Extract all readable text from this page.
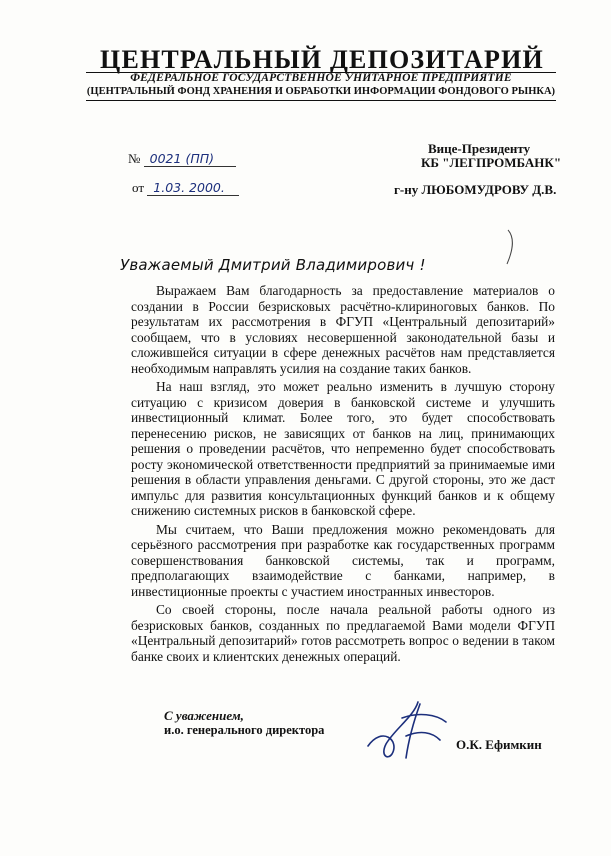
ЦЕНТРАЛЬНЫЙ ДЕПОЗИТАРИЙ
ФЕДЕРАЛЬНОЕ ГОСУДАРСТВЕННОЕ УНИТАРНОЕ ПРЕДПРИЯТИЕ
(ЦЕНТРАЛЬНЫЙ ФОНД ХРАНЕНИЯ И ОБРАБОТКИ ИНФОРМАЦИИ ФОНДОВОГО РЫНКА)
№ 0021 (ПП)
от 1.03. 2000.
Вице-Президенту
КБ "ЛЕГПРОМБАНК"
г-ну ЛЮБОМУДРОВУ Д.В.
Уважаемый Дмитрий Владимирович !

Выражаем Вам благодарность за предоставление материалов о создании в России безрисковых расчётно-клириноговых банков. По результатам их рассмотрения в ФГУП «Центральный депозитарий» сообщаем, что в условиях несовершенной законодательной базы и сложившейся ситуации в сфере денежных расчётов нам представляется необходимым направлять усилия на создание таких банков.

На наш взгляд, это может реально изменить в лучшую сторону ситуацию с кризисом доверия в банковской системе и улучшить инвестиционный климат. Более того, это будет способствовать перенесению рисков, не зависящих от банков на лиц, принимающих решения о проведении расчётов, что непременно будет способствовать росту экономической ответственности предприятий за принимаемые ими решения в области управления деньгами. С другой стороны, это же даст импульс для развития консультационных функций банков и к общему снижению системных рисков в банковской сфере.

Мы считаем, что Ваши предложения можно рекомендовать для серьёзного рассмотрения при разработке как государственных программ совершенствования банковской системы, так и программ, предполагающих взаимодействие с банками, например, в инвестиционные проекты с участием иностранных инвесторов.

Со своей стороны, после начала реальной работы одного из безрисковых банков, созданных по предлагаемой Вами модели ФГУП «Центральный депозитарий» готов рассмотреть вопрос о ведении в таком банке своих и клиентских денежных операций.

С уважением,
и.о. генерального директора
О.К. Ефимкин
